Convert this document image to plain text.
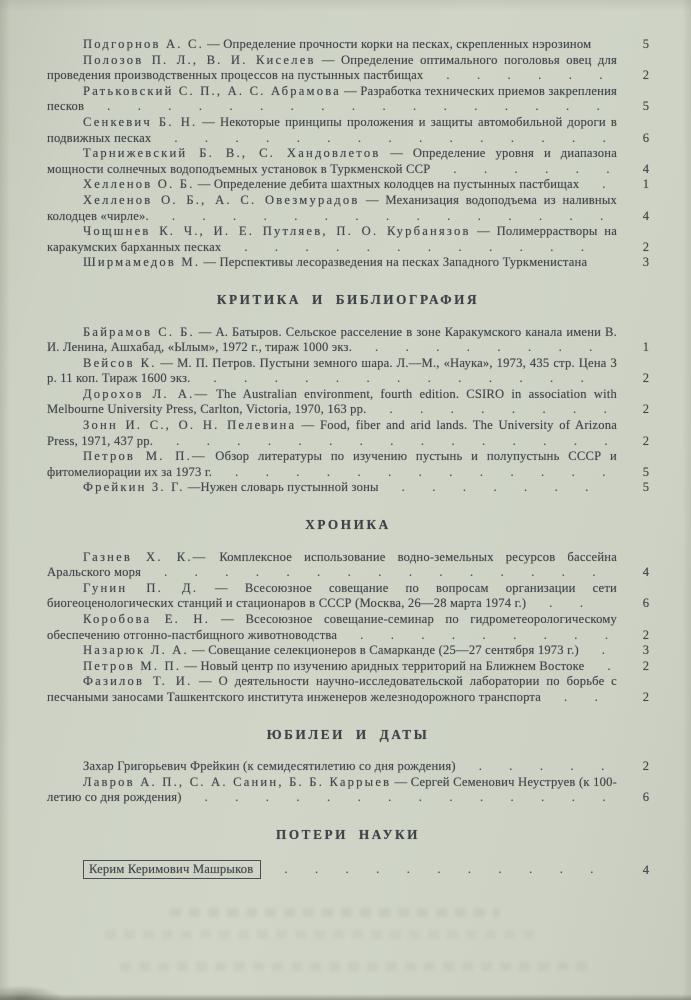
Подгорнов А. С. — Определение прочности корки на песках, скрепленных нэрозином	5
Полозов П. Л., В. И. Киселев — Определение оптимального поголовья овец для проведения производственных процессов на пустынных пастбищах   .   .   .   .   .   .	2
Ратьковский С. П., А. С. Абрамова — Разработка технических приемов закрепления песков   .   .   .   .   .   .   .   .   .   .   .   .   .   .   .   .   .	5
Сенкевич Б. Н. — Некоторые принципы проложения и защиты автомобильной дороги в подвижных песках   .   .   .   .   .   .   .   .   .   .   .   .   .   .   .	6
Тарнижевский Б. В., С. Хандовлетов — Определение уровня и диапазона мощности солнечных водоподъемных установок в Туркменской ССР   .   .   .   .   .   .	4
Хелленов О. Б. — Определение дебита шахтных колодцев на пустынных пастбищах   .	1
Хелленов О. Б., А. С. Овезмурадов — Механизация водоподъема из наливных колодцев «чирле».   .   .   .   .   .   .   .   .   .   .   .   .   .   .   .	4
Чощшнев К. Ч., И. Е. Путляев, П. О. Курбанязов — Полимеррастворы на каракумских барханных песках   .   .   .   .   .   .   .   .   .   .   .   .	2
Ширмамедов М. — Перспективы лесоразведения на песках Западного Туркменистана	3
КРИТИКА И БИБЛИОГРАФИЯ
Байрамов С. Б. — А. Батыров. Сельское расселение в зоне Каракумского канала имени В. И. Ленина, Ашхабад, «Ылым», 1972 г., тираж 1000 экз.   .   .   .   .   .   .   .   .	1
Вейсов К. — М. П. Петров. Пустыни земного шара. Л.—М., «Наука», 1973, 435 стр. Цена 3 р. 11 коп. Тираж 1600 экз.   .   .   .   .   .   .   .   .   .   .   .   .   .	2
Дорохов Л. А.— The Australian environment, fourth edition. CSIRO in association with Melbourne University Press, Carlton, Victoria, 1970, 163 pp.   .   .   .   .   .   .   .   .	2
Зонн И. С., О. Н. Пелевина — Food, fiber and arid lands. The University of Arizona Press, 1971, 437 pp.   .   .   .   .   .   .   .   .   .   .   .   .   .   .   .	2
Петров М. П.— Обзор литературы по изучению пустынь и полупустынь СССР и фитомелиорации их за 1973 г.   .   .   .   .   .   .   .   .   .   .   .   .   .	5
Фрейкин З. Г. —Нужен словарь пустынной зоны   .   .   .   .   .   .   .	5
ХРОНИКА
Газнев Х. К.— Комплексное использование водно-земельных ресурсов бассейна Аральского моря   .   .   .   .   .   .   .   .   .   .   .   .   .   .   .	4
Гунин П. Д. — Всесоюзное совещание по вопросам организации сети биогеоценологических станций и стационаров в СССР (Москва, 26—28 марта 1974 г.)   .   .	6
Коробова Е. Н. — Всесоюзное совещание-семинар по гидрометеорологическому обеспечению отгонно-пастбищного животноводства   .   .   .   .   .   .   .   .   .	2
Назарюк Л. А. — Совещание селекционеров в Самарканде (25—27 сентября 1973 г.)   .	3
Петров М. П. — Новый центр по изучению аридных территорий на Ближнем Востоке   .	2
Фазилов Т. И. — О деятельности научно-исследовательской лаборатории по борьбе с песчаными заносами Ташкентского института инженеров железнодорожного транспорта   .   .	2
ЮБИЛЕИ И ДАТЫ
Захар Григорьевич Фрейкин (к семидесятилетию со дня рождения)   .   .   .   .   .	2
Лавров А. П., С. А. Санин, Б. Б. Каррыев — Сергей Семенович Неуструев (к 100-летию со дня рождения)   .   .   .   .   .   .   .   .   .   .   .   .   .   .	6
ПОТЕРИ НАУКИ
Керим Керимович Машрыков   .   .   .   .   .   .   .   .   .   .   .	4
